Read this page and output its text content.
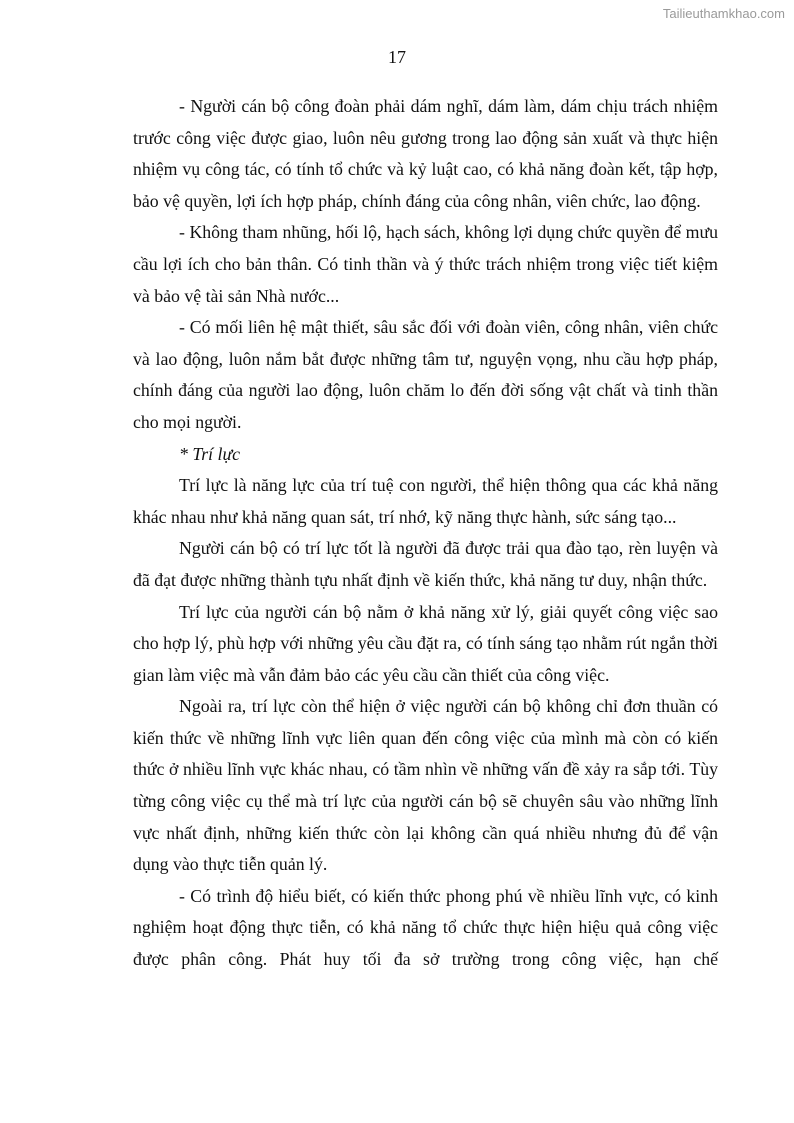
Tailieuthamkhao.com
17

- Người cán bộ công đoàn phải dám nghĩ, dám làm, dám chịu trách nhiệm trước công việc được giao, luôn nêu gương trong lao động sản xuất và thực hiện nhiệm vụ công tác, có tính tổ chức và kỷ luật cao, có khả năng đoàn kết, tập hợp, bảo vệ quyền, lợi ích hợp pháp, chính đáng của công nhân, viên chức, lao động.

- Không tham nhũng, hối lộ, hạch sách, không lợi dụng chức quyền để mưu cầu lợi ích cho bản thân. Có tinh thần và ý thức trách nhiệm trong việc tiết kiệm và bảo vệ tài sản Nhà nước...

- Có mối liên hệ mật thiết, sâu sắc đối với đoàn viên, công nhân, viên chức và lao động, luôn nắm bắt được những tâm tư, nguyện vọng, nhu cầu hợp pháp, chính đáng của người lao động, luôn chăm lo đến đời sống vật chất và tinh thần cho mọi người.

* Trí lực

Trí lực là năng lực của trí tuệ con người, thể hiện thông qua các khả năng khác nhau như khả năng quan sát, trí nhớ, kỹ năng thực hành, sức sáng tạo...

Người cán bộ có trí lực tốt là người đã được trải qua đào tạo, rèn luyện và đã đạt được những thành tựu nhất định về kiến thức, khả năng tư duy, nhận thức.

Trí lực của người cán bộ nằm ở khả năng xử lý, giải quyết công việc sao cho hợp lý, phù hợp với những yêu cầu đặt ra, có tính sáng tạo nhằm rút ngắn thời gian làm việc mà vẫn đảm bảo các yêu cầu cần thiết của công việc.

Ngoài ra, trí lực còn thể hiện ở việc người cán bộ không chỉ đơn thuần có kiến thức về những lĩnh vực liên quan đến công việc của mình mà còn có kiến thức ở nhiều lĩnh vực khác nhau, có tầm nhìn về những vấn đề xảy ra sắp tới. Tùy từng công việc cụ thể mà trí lực của người cán bộ sẽ chuyên sâu vào những lĩnh vực nhất định, những kiến thức còn lại không cần quá nhiều nhưng đủ để vận dụng vào thực tiễn quản lý.

- Có trình độ hiểu biết, có kiến thức phong phú về nhiều lĩnh vực, có kinh nghiệm hoạt động thực tiễn, có khả năng tổ chức thực hiện hiệu quả công việc được phân công. Phát huy tối đa sở trường trong công việc, hạn chế
